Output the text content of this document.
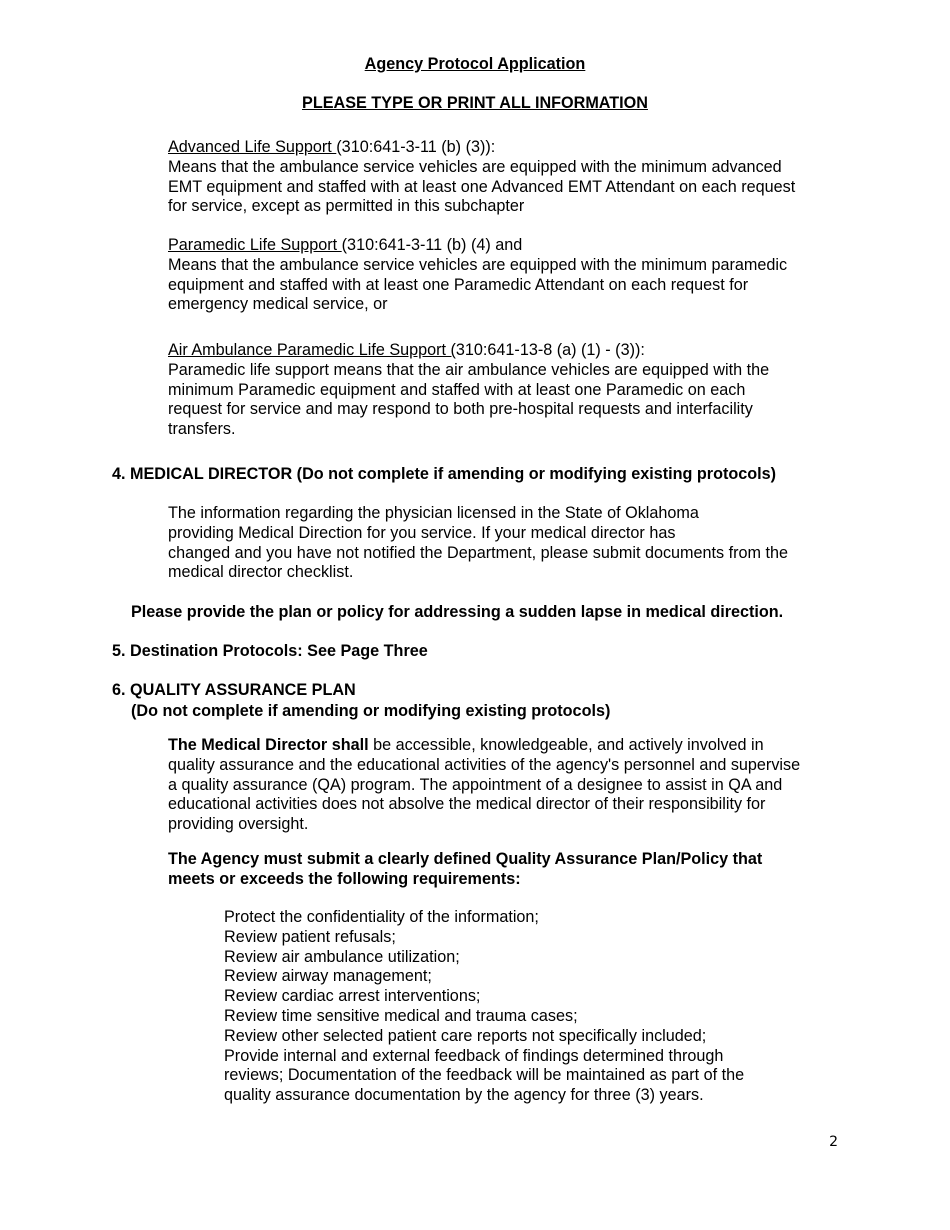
Agency Protocol Application
PLEASE TYPE OR PRINT ALL INFORMATION
Advanced Life Support (310:641-3-11 (b) (3)):
Means that the ambulance service vehicles are equipped with the minimum advanced
EMT equipment and staffed with at least one Advanced EMT Attendant on each request
for service, except as permitted in this subchapter
Paramedic Life Support (310:641-3-11 (b) (4) and
Means that the ambulance service vehicles are equipped with the minimum paramedic
equipment and staffed with at least one Paramedic Attendant on each request for
emergency medical service, or
Air Ambulance Paramedic Life Support (310:641-13-8 (a) (1) - (3)):
Paramedic life support means that the air ambulance vehicles are equipped with the
minimum Paramedic equipment and staffed with at least one Paramedic on each
request for service and may respond to both pre-hospital requests and interfacility
transfers.
4. MEDICAL DIRECTOR (Do not complete if amending or modifying existing protocols)
The information regarding the physician licensed in the State of Oklahoma
providing Medical Direction for you service. If your medical director has
changed and you have not notified the Department, please submit documents from the
medical director checklist.
Please provide the plan or policy for addressing a sudden lapse in medical direction.
5. Destination Protocols: See Page Three
6. QUALITY ASSURANCE PLAN
(Do not complete if amending or modifying existing protocols)
The Medical Director shall be accessible, knowledgeable, and actively involved in
quality assurance and the educational activities of the agency's personnel and supervise
a quality assurance (QA) program. The appointment of a designee to assist in QA and
educational activities does not absolve the medical director of their responsibility for
providing oversight.
The Agency must submit a clearly defined Quality Assurance Plan/Policy that
meets or exceeds the following requirements:
Protect the confidentiality of the information;
Review patient refusals;
Review air ambulance utilization;
Review airway management;
Review cardiac arrest interventions;
Review time sensitive medical and trauma cases;
Review other selected patient care reports not specifically included;
Provide internal and external feedback of findings determined through
reviews; Documentation of the feedback will be maintained as part of the
quality assurance documentation by the agency for three (3) years.
2
